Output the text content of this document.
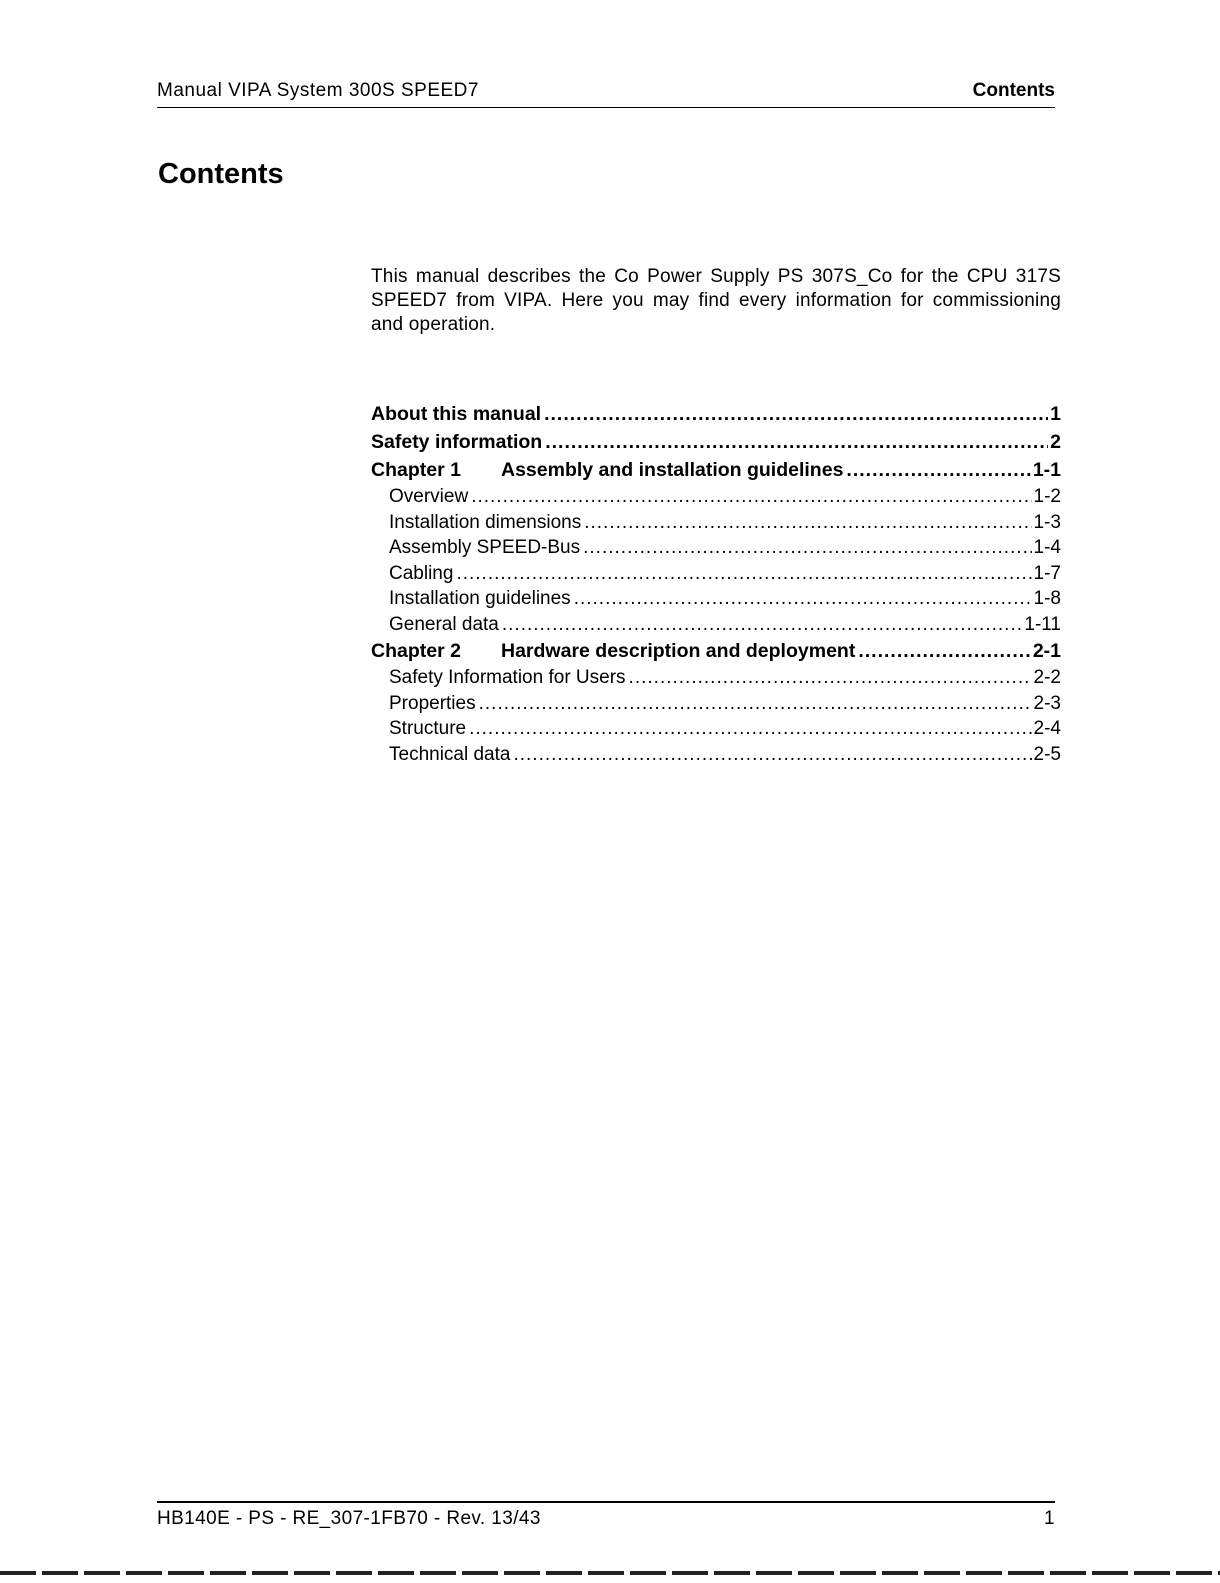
Manual VIPA System 300S SPEED7	Contents
Contents

This manual describes the Co Power Supply PS 307S_Co for the CPU 317S SPEED7 from VIPA. Here you may find every information for commissioning and operation.

About this manual .....	1
Safety information .....	2
Chapter 1	Assembly and installation guidelines .....	1-1
Overview .....	1-2
Installation dimensions .....	1-3
Assembly SPEED-Bus .....	1-4
Cabling .....	1-7
Installation guidelines .....	1-8
General data .....	1-11
Chapter 2	Hardware description and deployment .....	2-1
Safety Information for Users .....	2-2
Properties .....	2-3
Structure .....	2-4
Technical data .....	2-5
HB140E - PS - RE_307-1FB70 - Rev. 13/43	1
